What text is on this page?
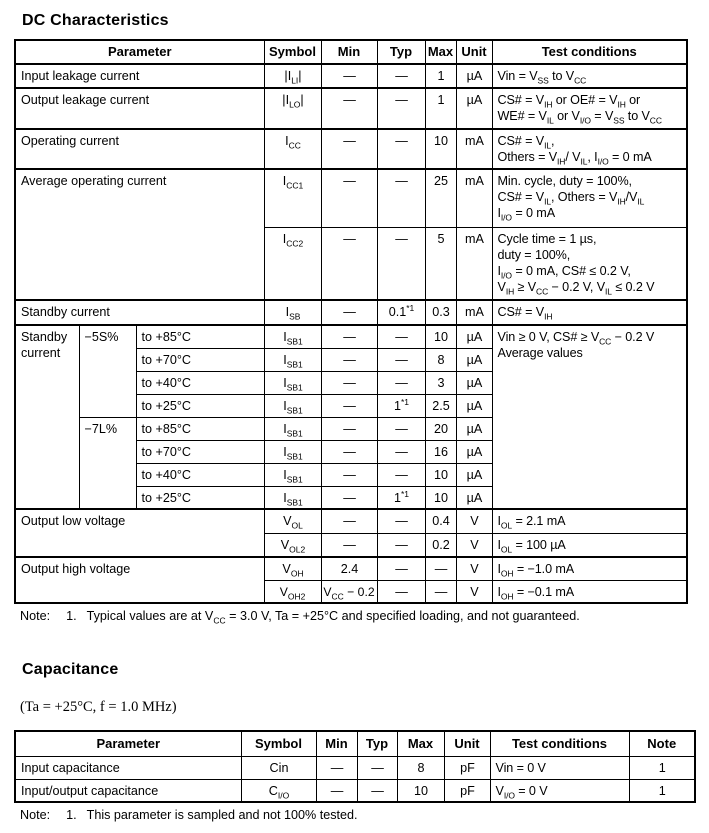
DC Characteristics
Parameter			Symbol	Min	Typ	Max	Unit	Test conditions
Input leakage current			$|I_{LI}|$	—	—	1	µA	Vin = $V_{SS}$ to $V_{CC}$
Output leakage current			$|I_{LO}|$	—	—	1	µA	CS# = $V_{IH}$ or OE# = $V_{IH}$ or
WE# = $V_{IL}$ or $V_{I/O} = V_{SS}$ to $V_{CC}$
Operating current			$I_{CC}$	—	—	10	mA	CS# = $V_{IL}$,
Others = $V_{IH}/$ $V_{IL}$, $I_{I/O} = 0$ mA
Average operating current			$I_{CC1}$	—	—	25	mA	Min. cycle, duty = 100%,
CS# = $V_{IL}$, Others = $V_{IH}/V_{IL}$
$I_{I/O} = 0$ mA
			$I_{CC2}$	—	—	5	mA	Cycle time = 1 µs,
duty = 100%,
$I_{I/O} = 0$ mA, CS# ≤ 0.2 V,
$V_{IH} \ge V_{CC} - 0.2$ V, $V_{IL} \le 0.2$ V
Standby current			$I_{SB}$	—	0.1$^{*1}$	0.3	mA	CS# = $V_{IH}$
Standby current	−5S%	to +85°C	$I_{SB1}$	—	—	10	µA	Vin ≥ 0 V, CS# ≥ $V_{CC} - 0.2$ V
Average values
		to +70°C	$I_{SB1}$	—	—	8	µA	
		to +40°C	$I_{SB1}$	—	—	3	µA	
		to +25°C	$I_{SB1}$	—	1$^{*1}$	2.5	µA	
	−7L%	to +85°C	$I_{SB1}$	—	—	20	µA	
		to +70°C	$I_{SB1}$	—	—	16	µA	
		to +40°C	$I_{SB1}$	—	—	10	µA	
		to +25°C	$I_{SB1}$	—	1$^{*1}$	10	µA	
Output low voltage			$V_{OL}$	—	—	0.4	V	$I_{OL} = 2.1$ mA
			$V_{OL2}$	—	—	0.2	V	$I_{OL} = 100$ µA
Output high voltage			$V_{OH}$	2.4	—	—	V	$I_{OH} = -1.0$ mA
			$V_{OH2}$	$V_{CC} - 0.2$	—	—	V	$I_{OH} = -0.1$ mA

Note: 1. Typical values are at $V_{CC} = 3.0$ V, Ta = +25°C and specified loading, and not guaranteed.

Capacitance

(Ta = +25°C, f = 1.0 MHz)

Parameter	Symbol	Min	Typ	Max	Unit	Test conditions	Note
Input capacitance	Cin	—	—	8	pF	Vin = 0 V	1
Input/output capacitance	$C_{I/O}$	—	—	10	pF	$V_{I/O} = 0$ V	1

Note: 1. This parameter is sampled and not 100% tested.
